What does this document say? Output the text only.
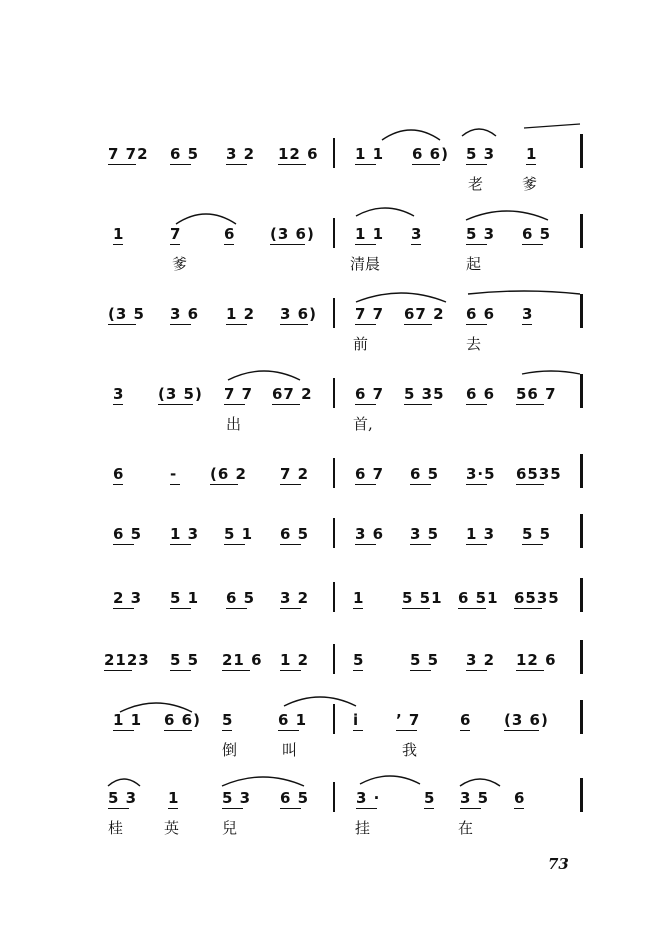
73
7 72 6 5 3 2 12 6 1 1 6 6) 5 3 1
老	爹
1	7	6 (3 6)	1 1 3	5 3 6 5
爹	清晨	起
(3 5 3 6 1 2 3 6)	7 7 67 2 6 6 3
前	去
3 (3 5) 7 7 67 2	6 7 5 35 6 6 56 7
出	首,
6	- (6 2 7 2	6 7 6 5 3·5 6535
6 5 1 3 5 1 6 5	3 6 3 5 1 3 5 5
2 3 5 1 6 5 3 2	1	5 51 6 51 6535
2123 5 5 21 6 1 2	5	5 5 3 2 12 6
1 1 6 6) 5	6 1	i ’ 7	6 (3 6)
倒	叫	我
5 3 1	5 3 6 5	3 ·	5 3 5 6
桂	英	兒	挂	在
